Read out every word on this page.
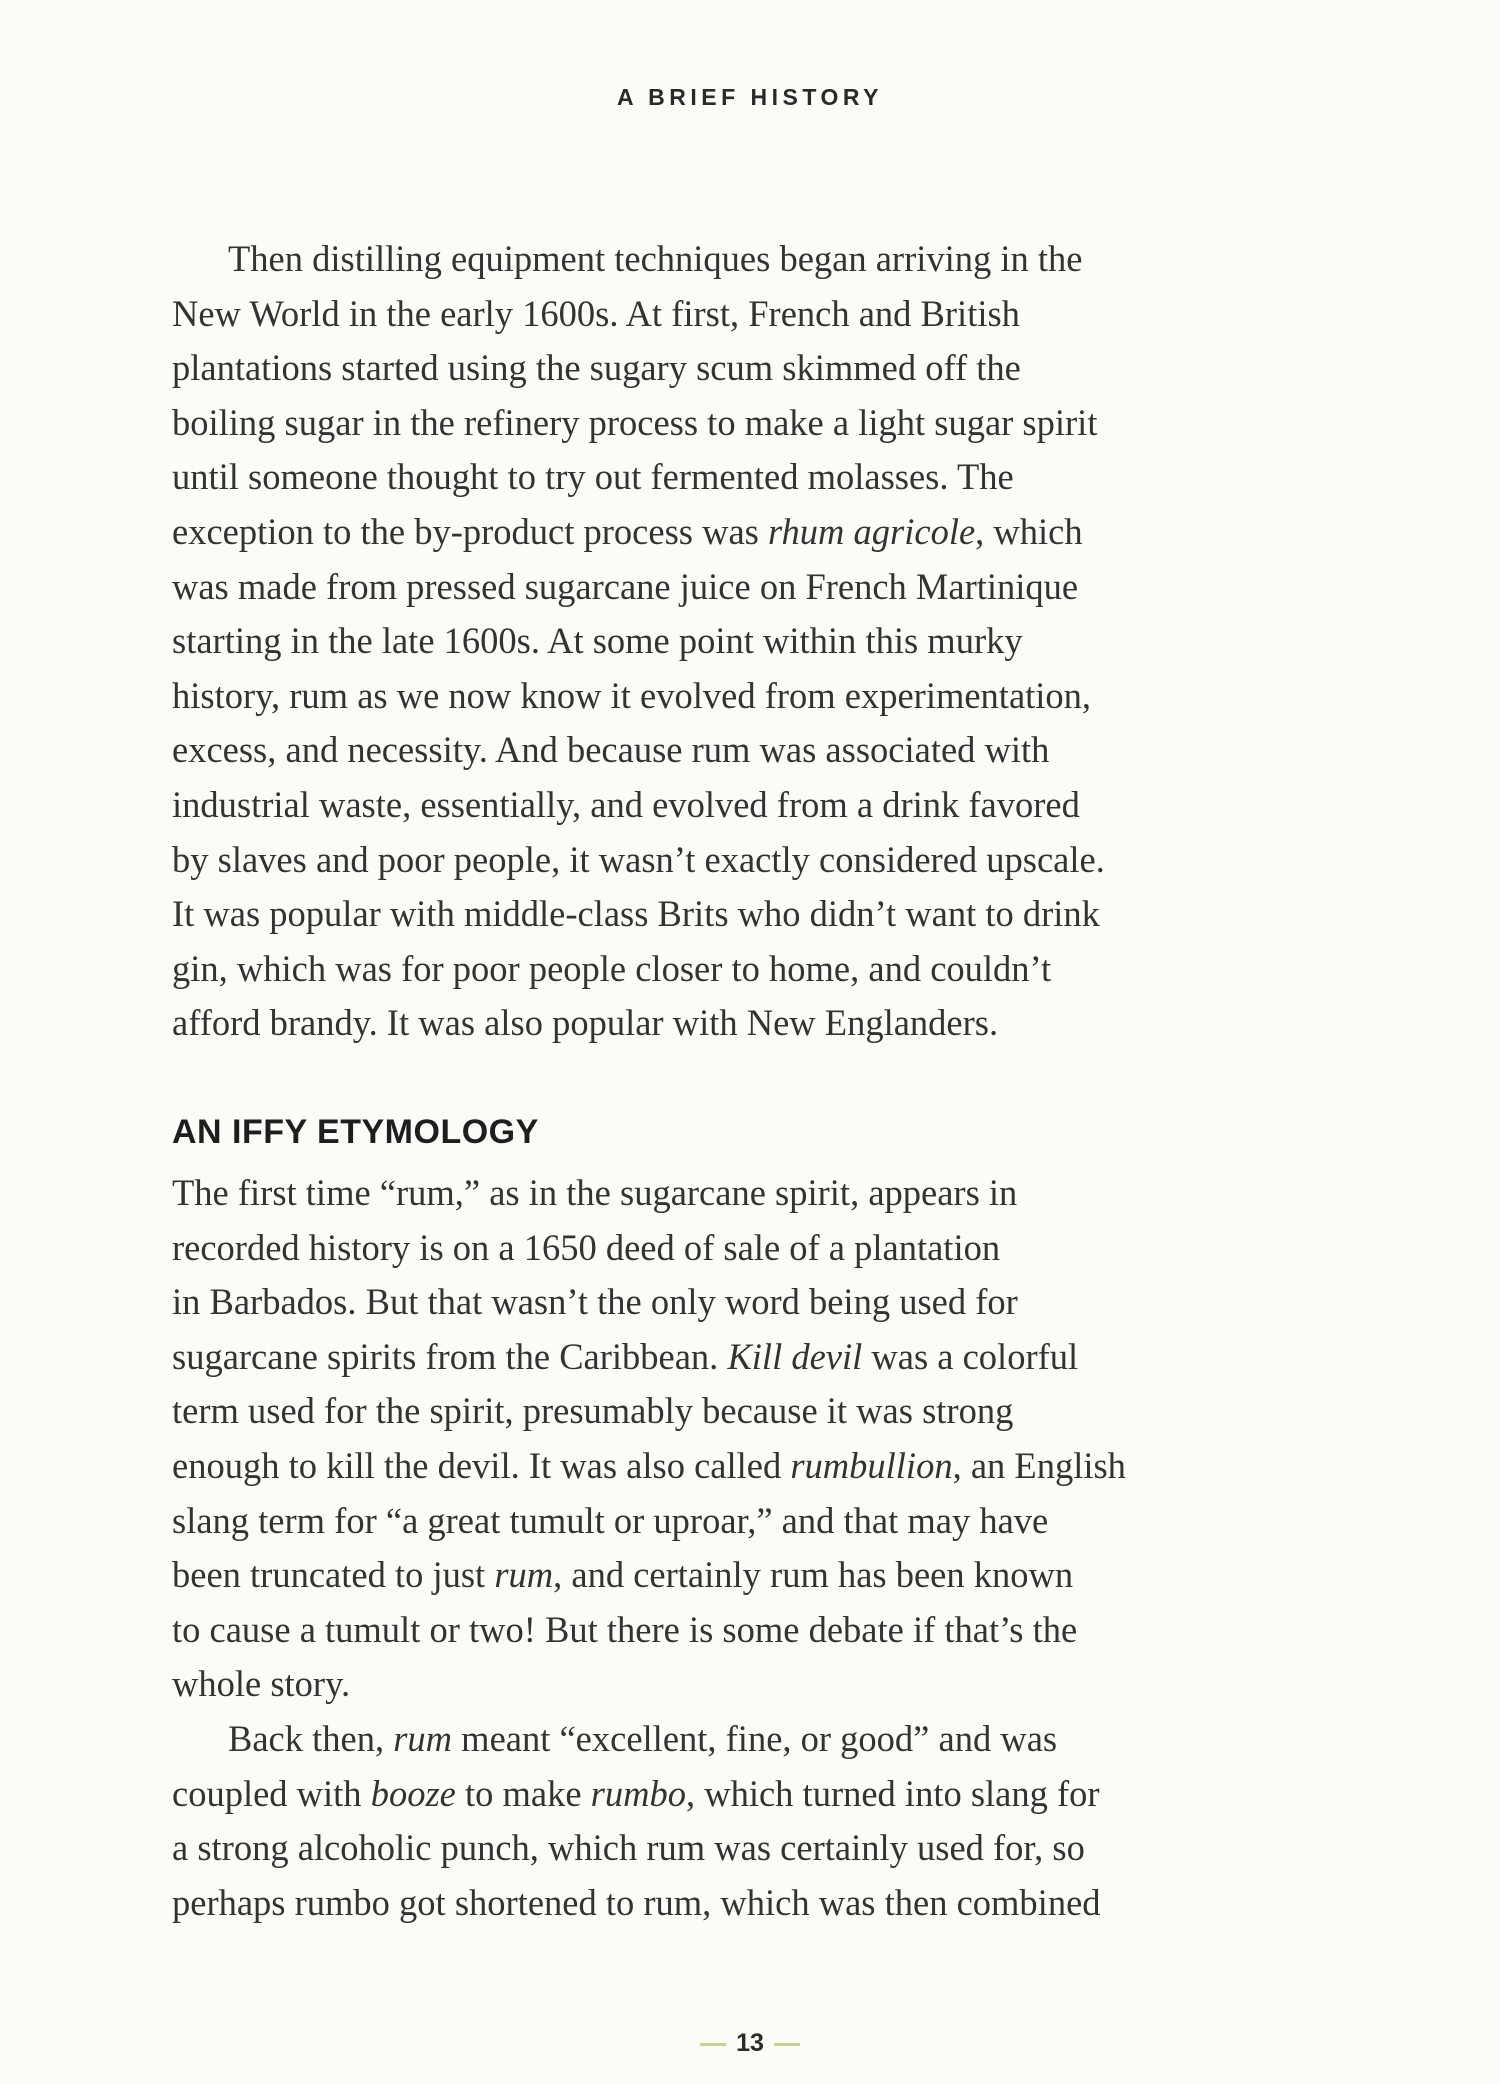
A BRIEF HISTORY
Then distilling equipment techniques began arriving in the
New World in the early 1600s. At first, French and British
plantations started using the sugary scum skimmed off the
boiling sugar in the refinery process to make a light sugar spirit
until someone thought to try out fermented molasses. The
exception to the by-product process was rhum agricole, which
was made from pressed sugarcane juice on French Martinique
starting in the late 1600s. At some point within this murky
history, rum as we now know it evolved from experimentation,
excess, and necessity. And because rum was associated with
industrial waste, essentially, and evolved from a drink favored
by slaves and poor people, it wasn’t exactly considered upscale.
It was popular with middle-class Brits who didn’t want to drink
gin, which was for poor people closer to home, and couldn’t
afford brandy. It was also popular with New Englanders.
AN IFFY ETYMOLOGY
The first time “rum,” as in the sugarcane spirit, appears in
recorded history is on a 1650 deed of sale of a plantation
in Barbados. But that wasn’t the only word being used for
sugarcane spirits from the Caribbean. Kill devil was a colorful
term used for the spirit, presumably because it was strong
enough to kill the devil. It was also called rumbullion, an English
slang term for “a great tumult or uproar,” and that may have
been truncated to just rum, and certainly rum has been known
to cause a tumult or two! But there is some debate if that’s the
whole story.
Back then, rum meant “excellent, fine, or good” and was
coupled with booze to make rumbo, which turned into slang for
a strong alcoholic punch, which rum was certainly used for, so
perhaps rumbo got shortened to rum, which was then combined
13
